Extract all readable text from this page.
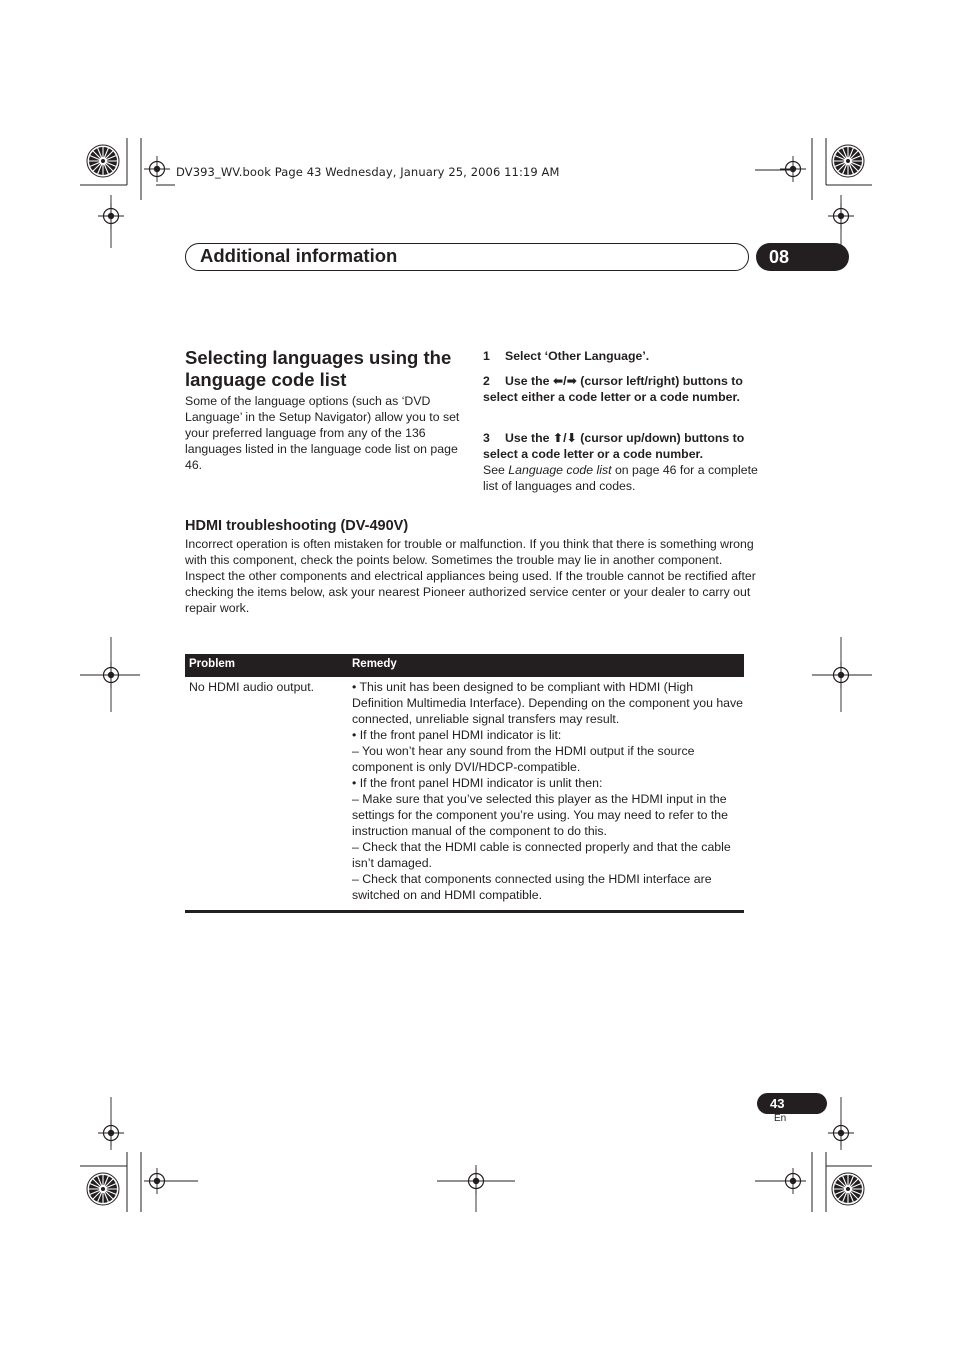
DV393_WV.book Page 43 Wednesday, January 25, 2006 11:19 AM
Additional information	08
Selecting languages using the language code list
Some of the language options (such as ‘DVD Language’ in the Setup Navigator) allow you to set your preferred language from any of the 136 languages listed in the language code list on page 46.
1 Select ‘Other Language’.
2 Use the ⬅/➡ (cursor left/right) buttons to select either a code letter or a code number.
3 Use the ⬆/⬇ (cursor up/down) buttons to select a code letter or a code number.
See Language code list on page 46 for a complete list of languages and codes.
HDMI troubleshooting (DV-490V)
Incorrect operation is often mistaken for trouble or malfunction. If you think that there is something wrong with this component, check the points below. Sometimes the trouble may lie in another component. Inspect the other components and electrical appliances being used. If the trouble cannot be rectified after checking the items below, ask your nearest Pioneer authorized service center or your dealer to carry out repair work.
Problem	Remedy
No HDMI audio output.	• This unit has been designed to be compliant with HDMI (High Definition Multimedia Interface). Depending on the component you have connected, unreliable signal transfers may result.
• If the front panel HDMI indicator is lit:
– You won’t hear any sound from the HDMI output if the source component is only DVI/HDCP-compatible.
• If the front panel HDMI indicator is unlit then:
– Make sure that you’ve selected this player as the HDMI input in the settings for the component you’re using. You may need to refer to the instruction manual of the component to do this.
– Check that the HDMI cable is connected properly and that the cable isn’t damaged.
– Check that components connected using the HDMI interface are switched on and HDMI compatible.
43
En
